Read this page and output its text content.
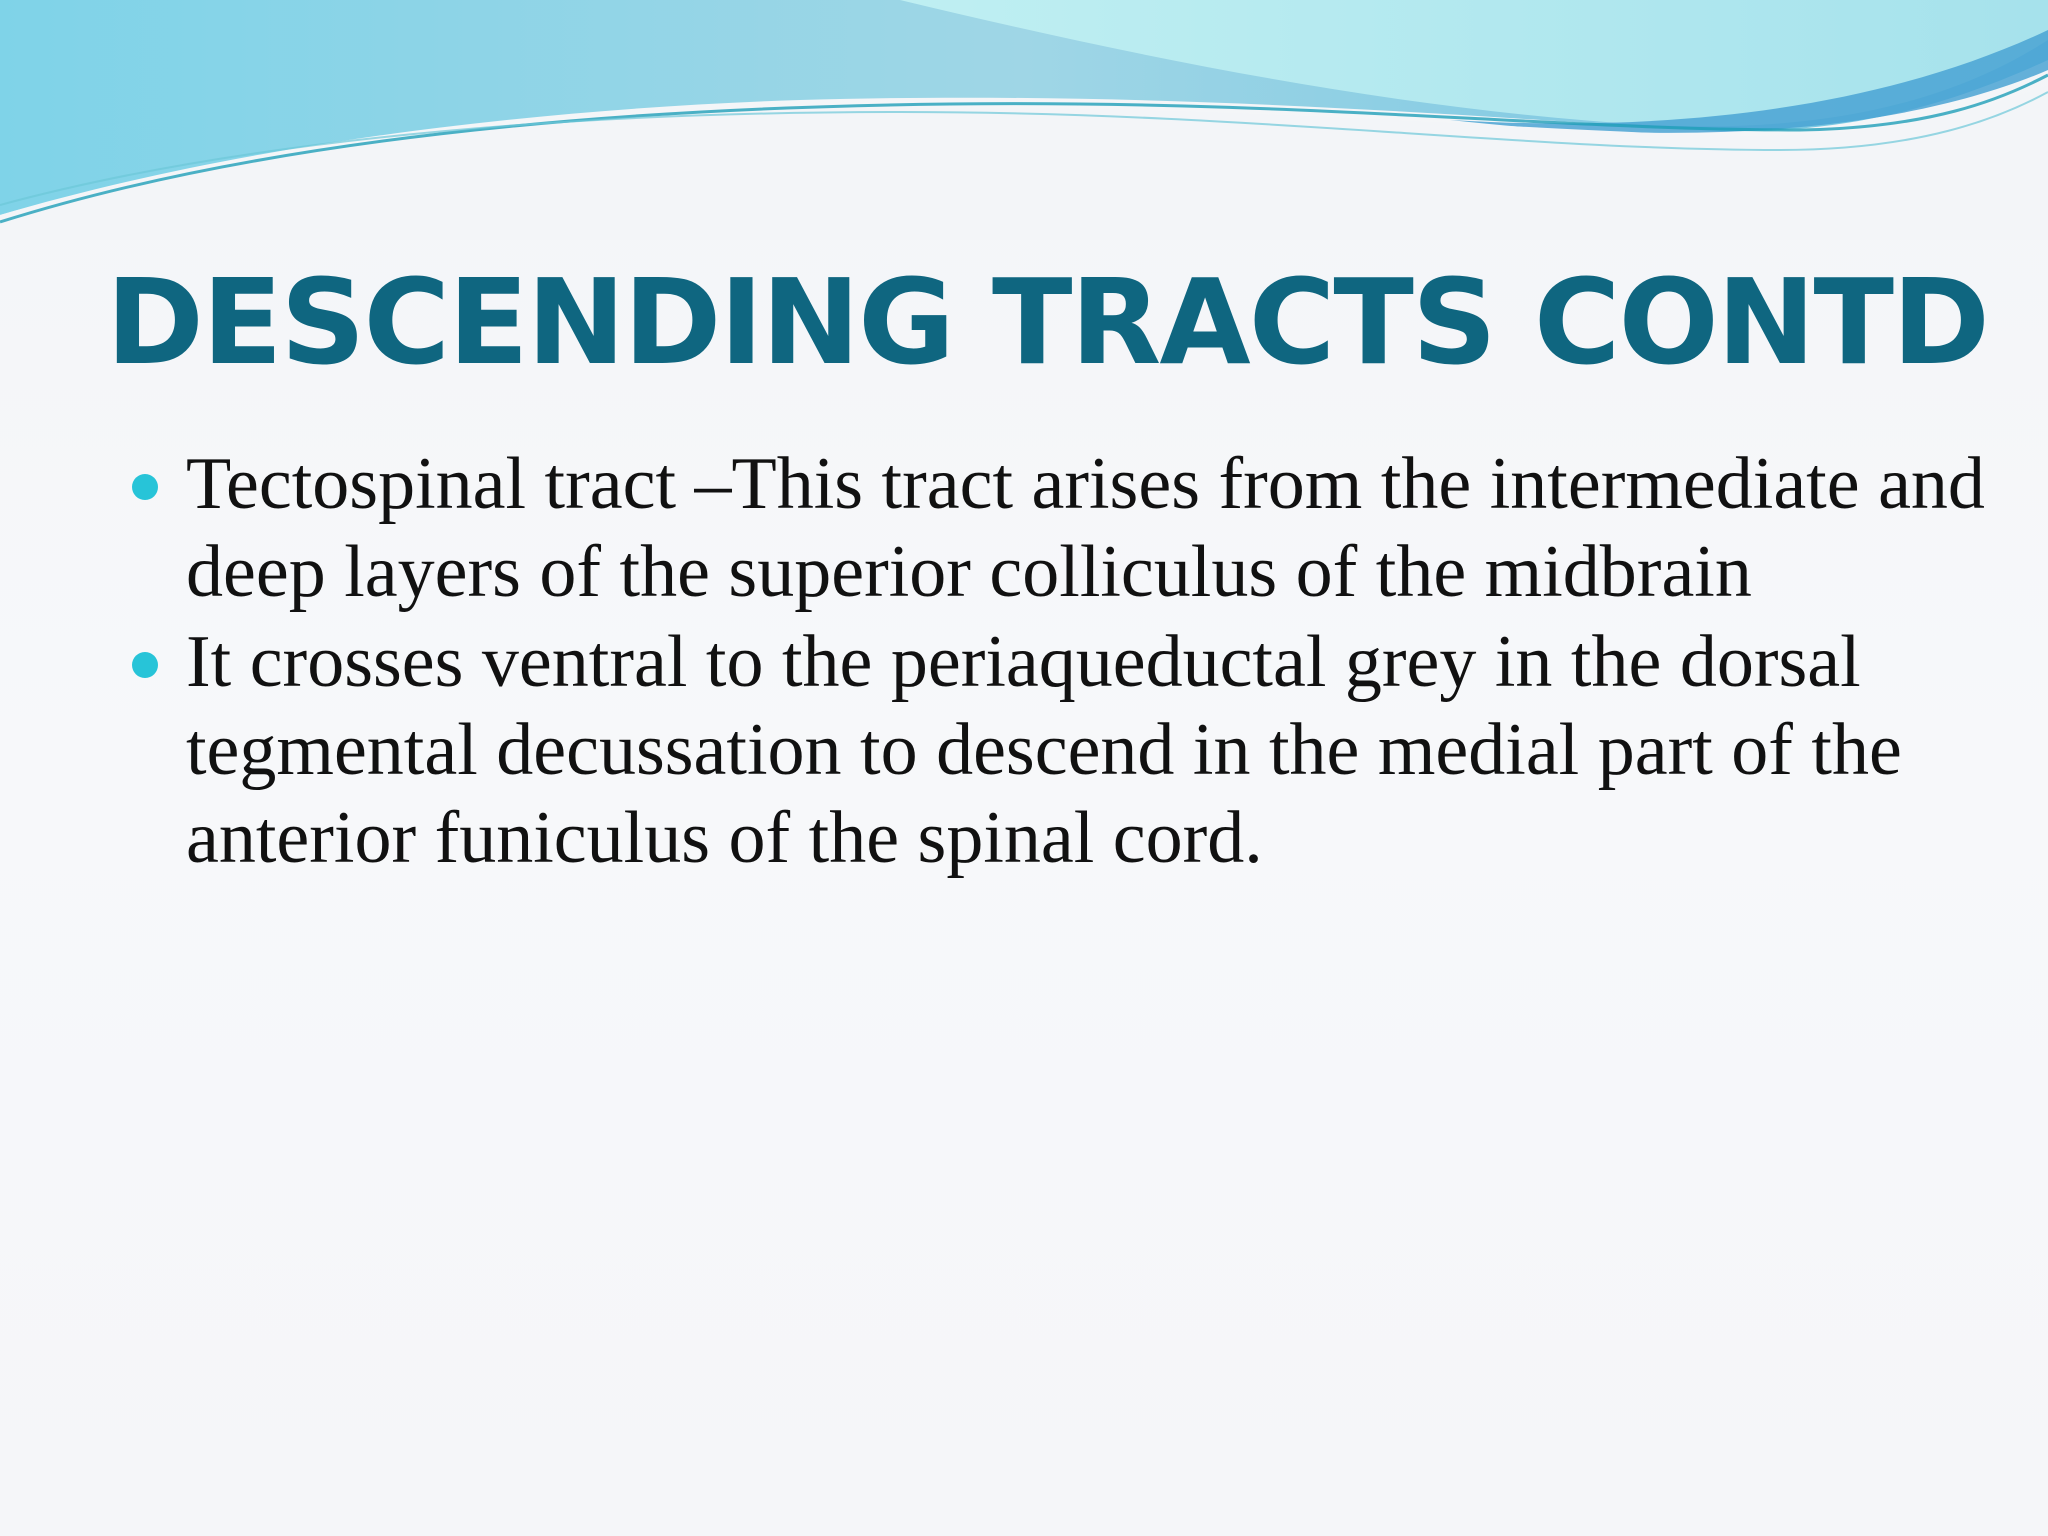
DESCENDING TRACTS CONTD
Tectospinal tract –This tract arises from the intermediate and deep layers of the superior colliculus of the midbrain
It crosses ventral to the periaqueductal grey in the dorsal tegmental decussation to descend in the medial part of the anterior funiculus of the spinal cord.
